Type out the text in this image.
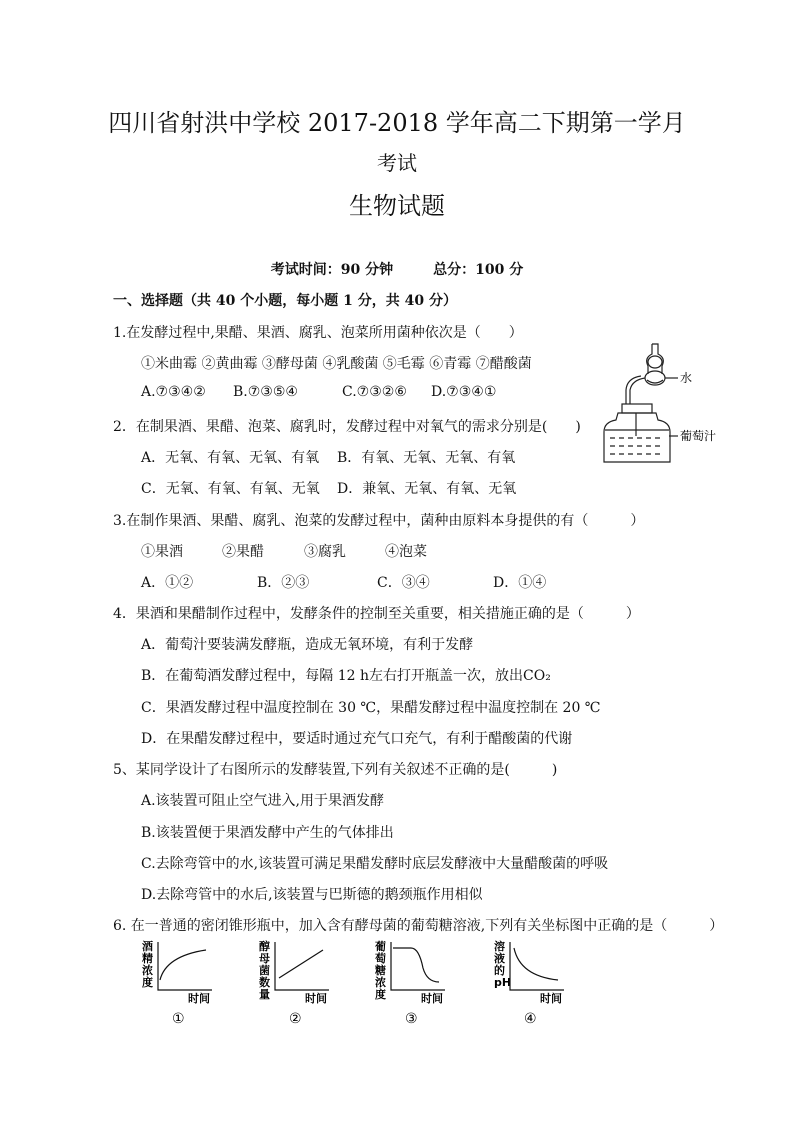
四川省射洪中学校 2017-2018 学年高二下期第一学月
考试
生物试题
考试时间：90 分钟	总分：100 分
一、选择题（共 40 个小题，每小题 1 分，共 40 分）
1.在发酵过程中,果醋、果酒、腐乳、泡菜所用菌种依次是（　　）
①米曲霉 ②黄曲霉 ③酵母菌 ④乳酸菌 ⑤毛霉 ⑥青霉 ⑦醋酸菌
A.⑦③④② B.⑦③⑤④	C.⑦③②⑥ D.⑦③④①
2．在制果酒、果醋、泡菜、腐乳时，发酵过程中对氧气的需求分别是(　　)
A．无氧、有氧、无氧、有氧 B．有氧、无氧、无氧、有氧
C．无氧、有氧、有氧、无氧 D．兼氧、无氧、有氧、无氧
3.在制作果酒、果醋、腐乳、泡菜的发酵过程中，菌种由原料本身提供的有（　　　）
①果酒	②果醋	③腐乳	④泡菜
A．①②	B．②③	C．③④	D．①④
4．果酒和果醋制作过程中，发酵条件的控制至关重要，相关措施正确的是（　　　）
A．葡萄汁要装满发酵瓶，造成无氧环境，有利于发酵
B．在葡萄酒发酵过程中，每隔 12 h左右打开瓶盖一次，放出CO₂
C．果酒发酵过程中温度控制在 30 ℃，果醋发酵过程中温度控制在 20 ℃
D．在果醋发酵过程中，要适时通过充气口充气，有利于醋酸菌的代谢
5、某同学设计了右图所示的发酵装置,下列有关叙述不正确的是(　　　)
A.该装置可阻止空气进入,用于果酒发酵
B.该装置便于果酒发酵中产生的气体排出
C.去除弯管中的水,该装置可满足果醋发酵时底层发酵液中大量醋酸菌的呼吸
D.去除弯管中的水后,该装置与巴斯德的鹅颈瓶作用相似
6. 在一普通的密闭锥形瓶中，加入含有酵母菌的葡萄糖溶液,下列有关坐标图中正确的是（　　　）
水
葡萄汁
酒
精
浓
度
时间
①
醇
母
菌
数
量	时间
②
葡
萄
糖
浓
度	时间
③
溶
液
的
pH
时间
④
